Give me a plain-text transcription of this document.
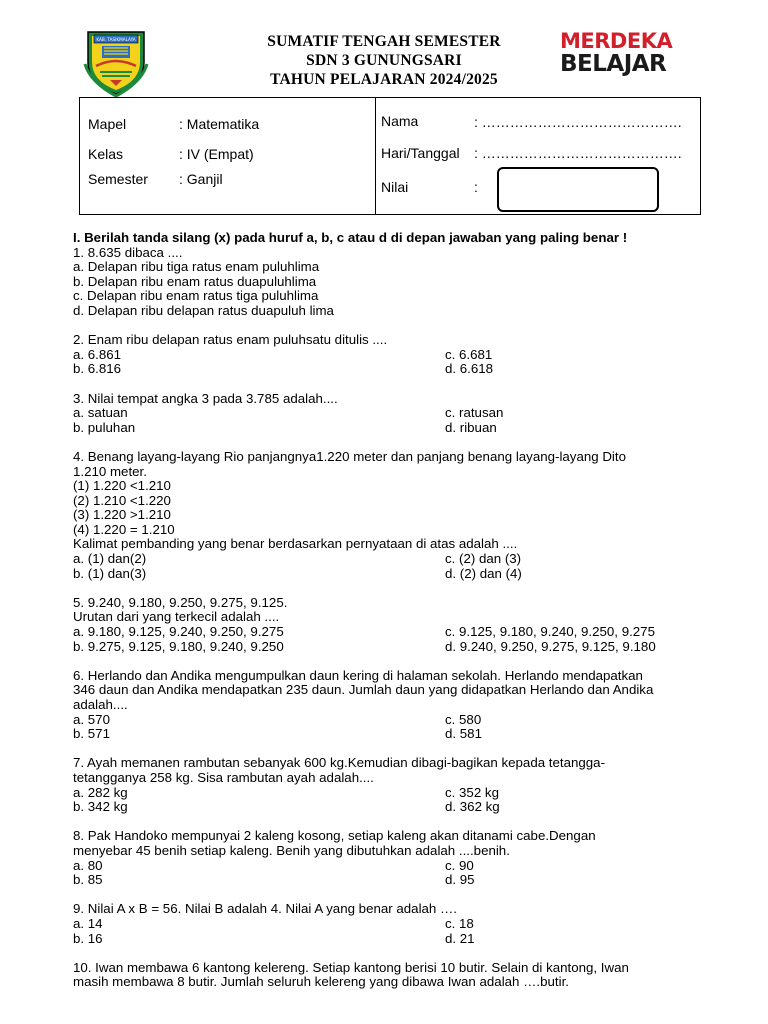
KAB. TASIKMALAYA	SUMATIF TENGAH SEMESTER
SDN 3 GUNUNGSARI
TAHUN PELAJARAN 2024/2025
MERDEKA
BELAJAR
Mapel	: Matematika
Kelas	: IV (Empat)
Semester : Ganjil
Nama	: …………………………………….
Hari/Tanggal : …………………………………….
Nilai	:
I. Berilah tanda silang (x) pada huruf a, b, c atau d di depan jawaban yang paling benar !
1. 8.635 dibaca ....
a. Delapan ribu tiga ratus enam puluhlima
b. Delapan ribu enam ratus duapuluhlima
c. Delapan ribu enam ratus tiga puluhlima
d. Delapan ribu delapan ratus duapuluh lima
2. Enam ribu delapan ratus enam puluhsatu ditulis ....
a. 6.861	c. 6.681
b. 6.816	d. 6.618
3. Nilai tempat angka 3 pada 3.785 adalah....
a. satuan	c. ratusan
b. puluhan	d. ribuan
4. Benang layang-layang Rio panjangnya1.220 meter dan panjang benang layang-layang Dito
1.210 meter.
(1) 1.220 <1.210
(2) 1.210 <1.220
(3) 1.220 >1.210
(4) 1.220 = 1.210
Kalimat pembanding yang benar berdasarkan pernyataan di atas adalah ....
a. (1) dan(2)	c. (2) dan (3)
b. (1) dan(3)	d. (2) dan (4)
5. 9.240, 9.180, 9.250, 9.275, 9.125.
Urutan dari yang terkecil adalah ....
a. 9.180, 9.125, 9.240, 9.250, 9.275	c. 9.125, 9.180, 9.240, 9.250, 9.275
b. 9.275, 9.125, 9.180, 9.240, 9.250	d. 9.240, 9.250, 9.275, 9.125, 9.180
6. Herlando dan Andika mengumpulkan daun kering di halaman sekolah. Herlando mendapatkan
346 daun dan Andika mendapatkan 235 daun. Jumlah daun yang didapatkan Herlando dan Andika
adalah....
a. 570	c. 580
b. 571	d. 581
7. Ayah memanen rambutan sebanyak 600 kg.Kemudian dibagi-bagikan kepada tetangga-
tetangganya 258 kg. Sisa rambutan ayah adalah....
a. 282 kg	c. 352 kg
b. 342 kg	d. 362 kg
8. Pak Handoko mempunyai 2 kaleng kosong, setiap kaleng akan ditanami cabe.Dengan
menyebar 45 benih setiap kaleng. Benih yang dibutuhkan adalah ....benih.
a. 80	c. 90
b. 85	d. 95
9. Nilai A x B = 56. Nilai B adalah 4. Nilai A yang benar adalah ….
a. 14	c. 18
b. 16	d. 21
10. Iwan membawa 6 kantong kelereng. Setiap kantong berisi 10 butir. Selain di kantong, Iwan
masih membawa 8 butir. Jumlah seluruh kelereng yang dibawa Iwan adalah ….butir.
